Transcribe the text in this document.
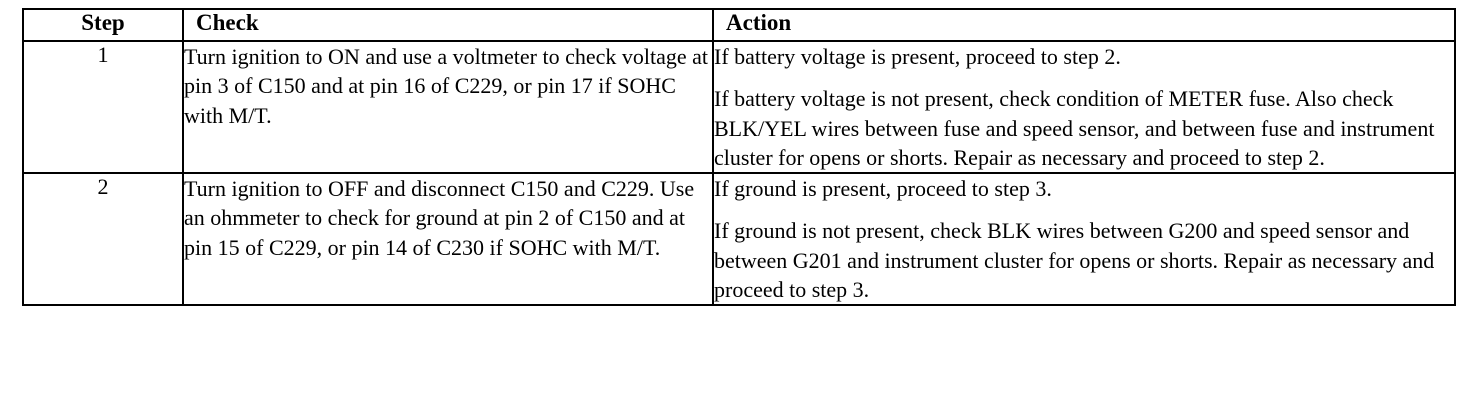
Step	Check	Action
1	Turn ignition to ON and use a voltmeter to check voltage at pin 3 of C150 and at pin 16 of C229, or pin 17 if SOHC with M/T.	If battery voltage is present, proceed to step 2.

If battery voltage is not present, check condition of METER fuse. Also check BLK/YEL wires between fuse and speed sensor, and between fuse and instrument cluster for opens or shorts. Repair as necessary and proceed to step 2.

2	Turn ignition to OFF and disconnect C150 and C229. Use an ohmmeter to check for ground at pin 2 of C150 and at pin 15 of C229, or pin 14 of C230 if SOHC with M/T.	If ground is present, proceed to step 3.

If ground is not present, check BLK wires between G200 and speed sensor and between G201 and instrument cluster for opens or shorts. Repair as necessary and proceed to step 3.
